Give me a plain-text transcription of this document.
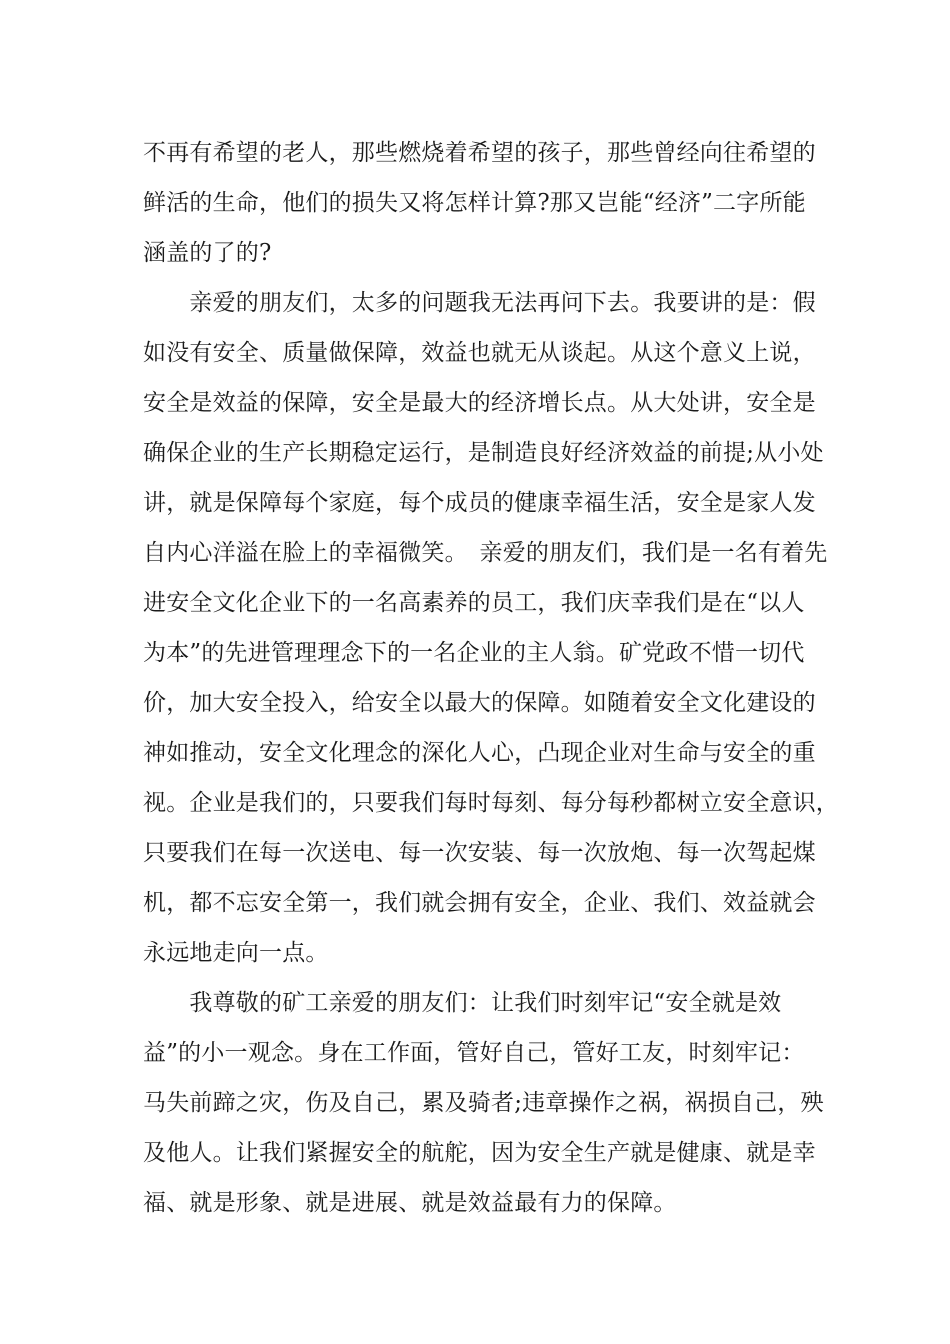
不再有希望的老人，那些燃烧着希望的孩子，那些曾经向往希望的
鲜活的生命，他们的损失又将怎样计算?那又岂能“经济”二字所能
涵盖的了的?
　　亲爱的朋友们，太多的问题我无法再问下去。我要讲的是：假
如没有安全、质量做保障，效益也就无从谈起。从这个意义上说，
安全是效益的保障，安全是最大的经济增长点。从大处讲，安全是
确保企业的生产长期稳定运行，是制造良好经济效益的前提;从小处
讲，就是保障每个家庭，每个成员的健康幸福生活，安全是家人发
自内心洋溢在脸上的幸福微笑。　亲爱的朋友们，我们是一名有着先
进安全文化企业下的一名高素养的员工，我们庆幸我们是在“以人
为本”的先进管理理念下的一名企业的主人翁。矿党政不惜一切代
价，加大安全投入，给安全以最大的保障。如随着安全文化建设的
神如推动，安全文化理念的深化人心，凸现企业对生命与安全的重
视。企业是我们的，只要我们每时每刻、每分每秒都树立安全意识，
只要我们在每一次送电、每一次安装、每一次放炮、每一次驾起煤
机，都不忘安全第一，我们就会拥有安全，企业、我们、效益就会
永远地走向一点。
　　我尊敬的矿工亲爱的朋友们：让我们时刻牢记“安全就是效
益”的小一观念。身在工作面，管好自己，管好工友，时刻牢记：
马失前蹄之灾，伤及自己，累及骑者;违章操作之祸，祸损自己，殃
及他人。让我们紧握安全的航舵，因为安全生产就是健康、就是幸
福、就是形象、就是进展、就是效益最有力的保障。
